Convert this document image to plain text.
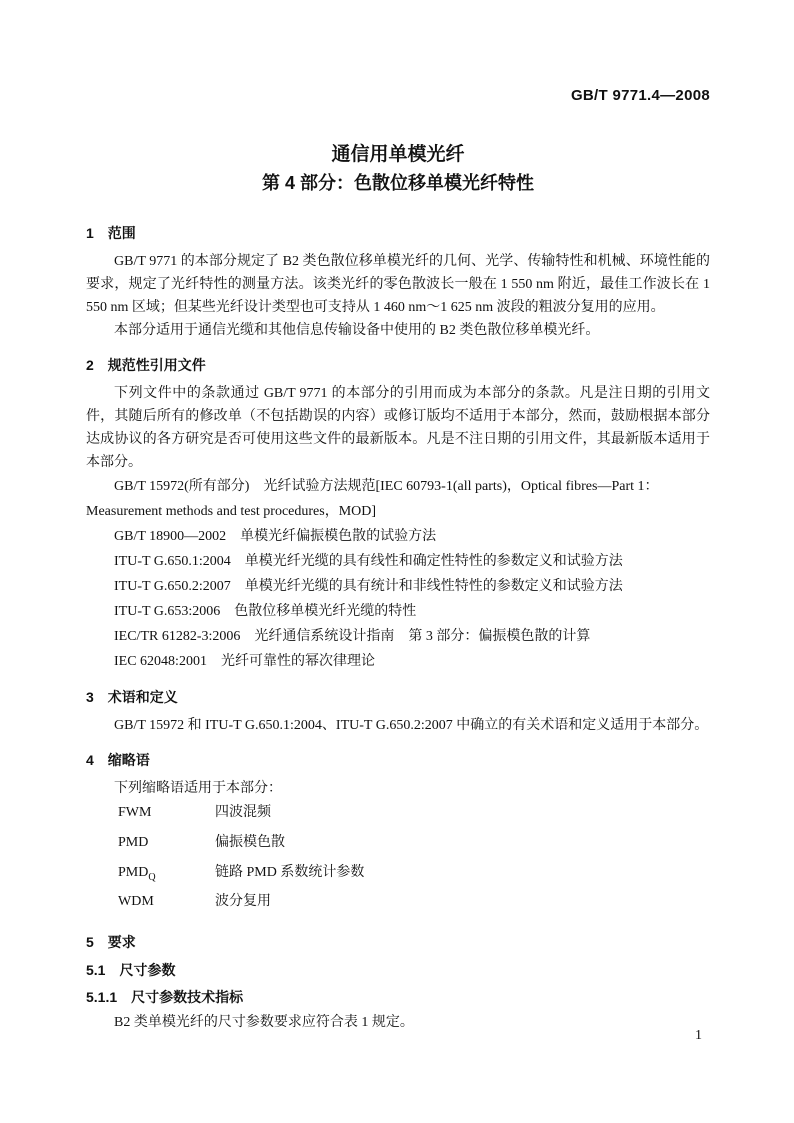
GB/T 9771.4—2008
通信用单模光纤
第 4 部分：色散位移单模光纤特性
1　范围

GB/T 9771 的本部分规定了 B2 类色散位移单模光纤的几何、光学、传输特性和机械、环境性能的要求，规定了光纤特性的测量方法。该类光纤的零色散波长一般在 1 550 nm 附近，最佳工作波长在 1 550 nm 区域；但某些光纤设计类型也可支持从 1 460 nm～1 625 nm 波段的粗波分复用的应用。

本部分适用于通信光缆和其他信息传输设备中使用的 B2 类色散位移单模光纤。

2　规范性引用文件

下列文件中的条款通过 GB/T 9771 的本部分的引用而成为本部分的条款。凡是注日期的引用文件，其随后所有的修改单（不包括勘误的内容）或修订版均不适用于本部分，然而，鼓励根据本部分达成协议的各方研究是否可使用这些文件的最新版本。凡是不注日期的引用文件，其最新版本适用于本部分。

GB/T 15972(所有部分)　光纤试验方法规范[IEC 60793-1(all parts)，Optical fibres—Part 1：Measurement methods and test procedures，MOD]

GB/T 18900—2002　单模光纤偏振模色散的试验方法

ITU-T G.650.1:2004　单模光纤光缆的具有线性和确定性特性的参数定义和试验方法

ITU-T G.650.2:2007　单模光纤光缆的具有统计和非线性特性的参数定义和试验方法

ITU-T G.653:2006　色散位移单模光纤光缆的特性

IEC/TR 61282-3:2006　光纤通信系统设计指南　第 3 部分：偏振模色散的计算

IEC 62048:2001　光纤可靠性的幂次律理论

3　术语和定义

GB/T 15972 和 ITU-T G.650.1:2004、ITU-T G.650.2:2007 中确立的有关术语和定义适用于本部分。

4　缩略语

下列缩略语适用于本部分：

FWM	四波混频
PMD	偏振模色散
$PMD_Q$	链路 PMD 系数统计参数
WDM	波分复用
5　要求
5.1　尺寸参数
5.1.1　尺寸参数技术指标

B2 类单模光纤的尺寸参数要求应符合表 1 规定。

1
